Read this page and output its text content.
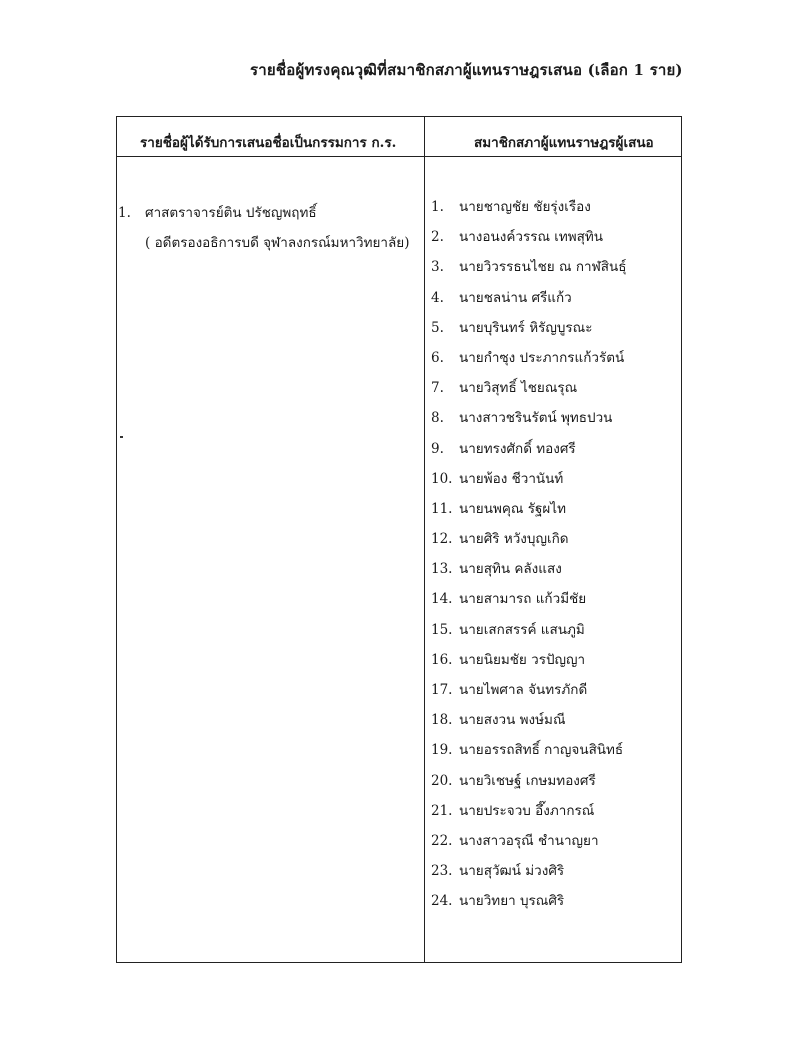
รายชื่อผู้ทรงคุณวุฒิที่สมาชิกสภาผู้แทนราษฎรเสนอ (เลือก 1 ราย)
รายชื่อผู้ได้รับการเสนอชื่อเป็นกรรมการ ก.ร.	สมาชิกสภาผู้แทนราษฎรผู้เสนอ
1. ศาสตราจารย์ติน ปรัชญพฤทธิ์
( อดีตรองอธิการบดี จุฬาลงกรณ์มหาวิทยาลัย )
1. นายชาญชัย ชัยรุ่งเรือง
2. นางอนงค์วรรณ เทพสุทิน
3. นายวิวรรธนไชย ณ กาฬสินธุ์
4. นายชลน่าน ศรีแก้ว
5. นายบุรินทร์ หิรัญบูรณะ
6. นายกำซุง ประภากรแก้วรัตน์
7. นายวิสุทธิ์ ไชยณรุณ
8. นางสาวชรินรัตน์ พุทธปวน
9. นายทรงศักดิ์ ทองศรี
10. นายพ้อง ชีวานันท์
11. นายนพคุณ รัฐผไท
12. นายศิริ หวังบุญเกิด
13. นายสุทิน คลังแสง
14. นายสามารถ แก้วมีชัย
15. นายเสกสรรค์ แสนภูมิ
16. นายนิยมชัย วรปัญญา
17. นายไพศาล จันทรภักดี
18. นายสงวน พงษ์มณี
19. นายอรรถสิทธิ์ กาญจนสินิทธ์
20. นายวิเชษฐ์ เกษมทองศรี
21. นายประจวบ อึ๊งภากรณ์
22. นางสาวอรุณี ชำนาญยา
23. นายสุวัฒน์ ม่วงศิริ
24. นายวิทยา บุรณศิริ
